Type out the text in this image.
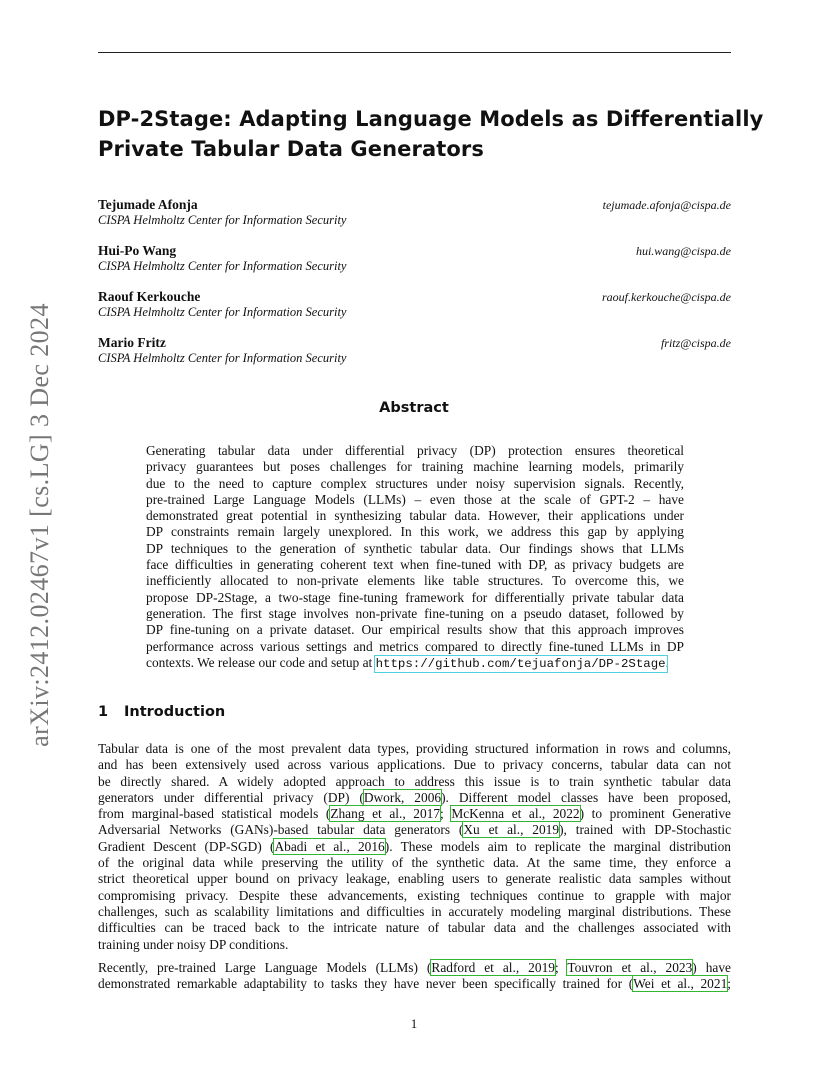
arXiv:2412.02467v1 [cs.LG] 3 Dec 2024
DP-2Stage: Adapting Language Models as Differentially
Private Tabular Data Generators
Tejumade Afonja
CISPA Helmholtz Center for Information Security
tejumade.afonja@cispa.de
Hui-Po Wang
CISPA Helmholtz Center for Information Security
hui.wang@cispa.de
Raouf Kerkouche
CISPA Helmholtz Center for Information Security
raouf.kerkouche@cispa.de
Mario Fritz
CISPA Helmholtz Center for Information Security
fritz@cispa.de
Abstract
Generating tabular data under differential privacy (DP) protection ensures theoretical
privacy guarantees but poses challenges for training machine learning models, primarily
due to the need to capture complex structures under noisy supervision signals. Recently,
pre-trained Large Language Models (LLMs) – even those at the scale of GPT-2 – have
demonstrated great potential in synthesizing tabular data. However, their applications under
DP constraints remain largely unexplored. In this work, we address this gap by applying
DP techniques to the generation of synthetic tabular data. Our findings shows that LLMs
face difficulties in generating coherent text when fine-tuned with DP, as privacy budgets are
inefficiently allocated to non-private elements like table structures. To overcome this, we
propose DP-2Stage, a two-stage fine-tuning framework for differentially private tabular data
generation. The first stage involves non-private fine-tuning on a pseudo dataset, followed by
DP fine-tuning on a private dataset. Our empirical results show that this approach improves
performance across various settings and metrics compared to directly fine-tuned LLMs in DP
contexts. We release our code and setup at https://github.com/tejuafonja/DP-2Stage.
1 Introduction
Tabular data is one of the most prevalent data types, providing structured information in rows and columns,
and has been extensively used across various applications. Due to privacy concerns, tabular data can not
be directly shared. A widely adopted approach to address this issue is to train synthetic tabular data
generators under differential privacy (DP) (Dwork, 2006). Different model classes have been proposed,
from marginal-based statistical models (Zhang et al., 2017; McKenna et al., 2022) to prominent Generative
Adversarial Networks (GANs)-based tabular data generators (Xu et al., 2019), trained with DP-Stochastic
Gradient Descent (DP-SGD) (Abadi et al., 2016). These models aim to replicate the marginal distribution
of the original data while preserving the utility of the synthetic data. At the same time, they enforce a
strict theoretical upper bound on privacy leakage, enabling users to generate realistic data samples without
compromising privacy. Despite these advancements, existing techniques continue to grapple with major
challenges, such as scalability limitations and difficulties in accurately modeling marginal distributions. These
difficulties can be traced back to the intricate nature of tabular data and the challenges associated with
training under noisy DP conditions.
Recently, pre-trained Large Language Models (LLMs) (Radford et al., 2019; Touvron et al., 2023) have
demonstrated remarkable adaptability to tasks they have never been specifically trained for (Wei et al., 2021;
1
